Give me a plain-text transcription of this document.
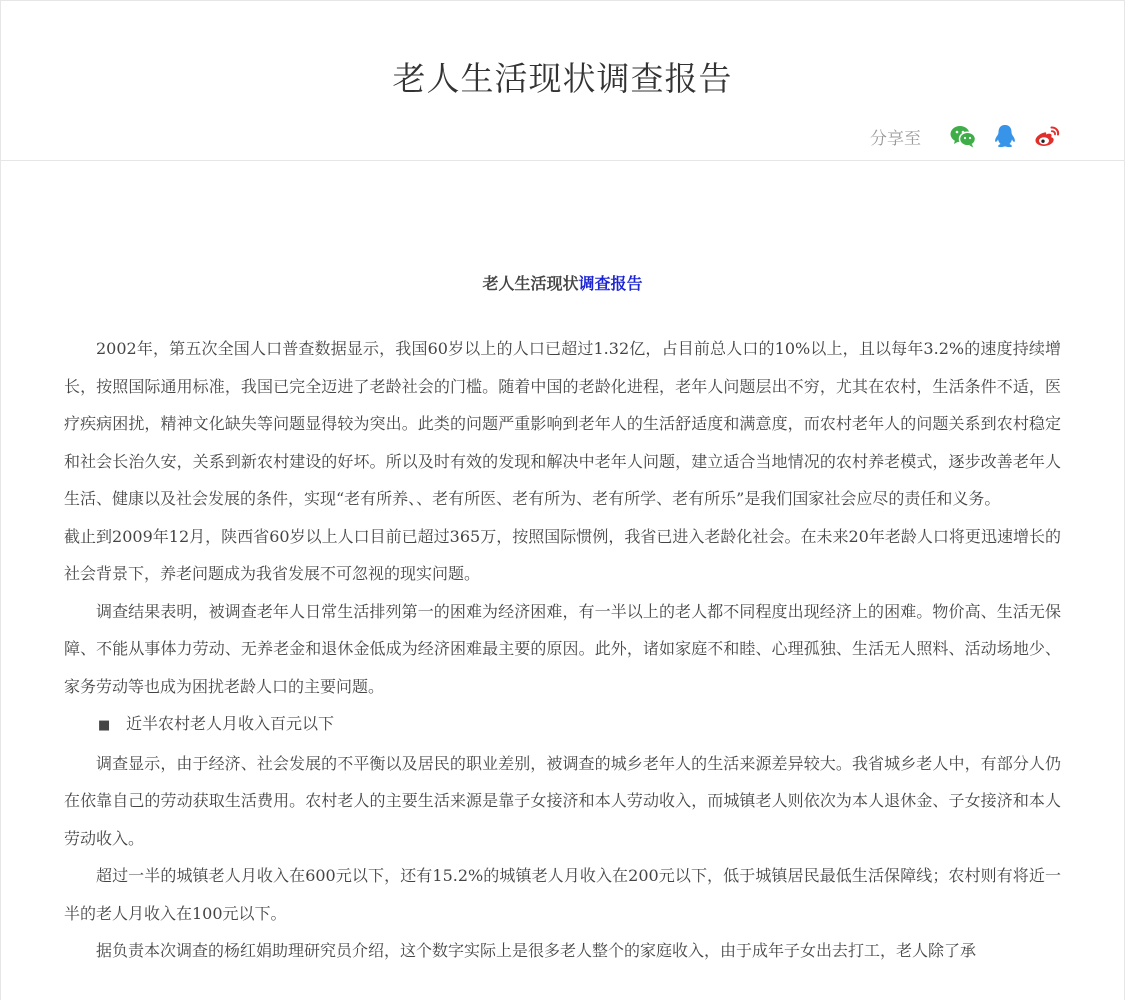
老人生活现状调查报告
分享至
老人生活现状调查报告

2002年，第五次全国人口普查数据显示，我国60岁以上的人口已超过1.32亿，占目前总人口的10%以上，且以每年3.2%的速度持续增长，按照国际通用标准，我国已完全迈进了老龄社会的门槛。随着中国的老龄化进程，老年人问题层出不穷，尤其在农村，生活条件不适，医疗疾病困扰，精神文化缺失等问题显得较为突出。此类的问题严重影响到老年人的生活舒适度和满意度，而农村老年人的问题关系到农村稳定和社会长治久安，关系到新农村建设的好坏。所以及时有效的发现和解决中老年人问题，建立适合当地情况的农村养老模式，逐步改善老年人生活、健康以及社会发展的条件，实现“老有所养、、老有所医、老有所为、老有所学、老有所乐”是我们国家社会应尽的责任和义务。

截止到2009年12月，陕西省60岁以上人口目前已超过365万，按照国际惯例，我省已进入老龄化社会。在未来20年老龄人口将更迅速增长的社会背景下，养老问题成为我省发展不可忽视的现实问题。

调查结果表明，被调查老年人日常生活排列第一的困难为经济困难，有一半以上的老人都不同程度出现经济上的困难。物价高、生活无保障、不能从事体力劳动、无养老金和退休金低成为经济困难最主要的原因。此外，诸如家庭不和睦、心理孤独、生活无人照料、活动场地少、家务劳动等也成为困扰老龄人口的主要问题。

■ 近半农村老人月收入百元以下

调查显示，由于经济、社会发展的不平衡以及居民的职业差别，被调查的城乡老年人的生活来源差异较大。我省城乡老人中，有部分人仍在依靠自己的劳动获取生活费用。农村老人的主要生活来源是靠子女接济和本人劳动收入，而城镇老人则依次为本人退休金、子女接济和本人劳动收入。

超过一半的城镇老人月收入在600元以下，还有15.2%的城镇老人月收入在200元以下，低于城镇居民最低生活保障线；农村则有将近一半的老人月收入在100元以下。

据负责本次调查的杨红娟助理研究员介绍，这个数字实际上是很多老人整个的家庭收入，由于成年子女出去打工，老人除了承
